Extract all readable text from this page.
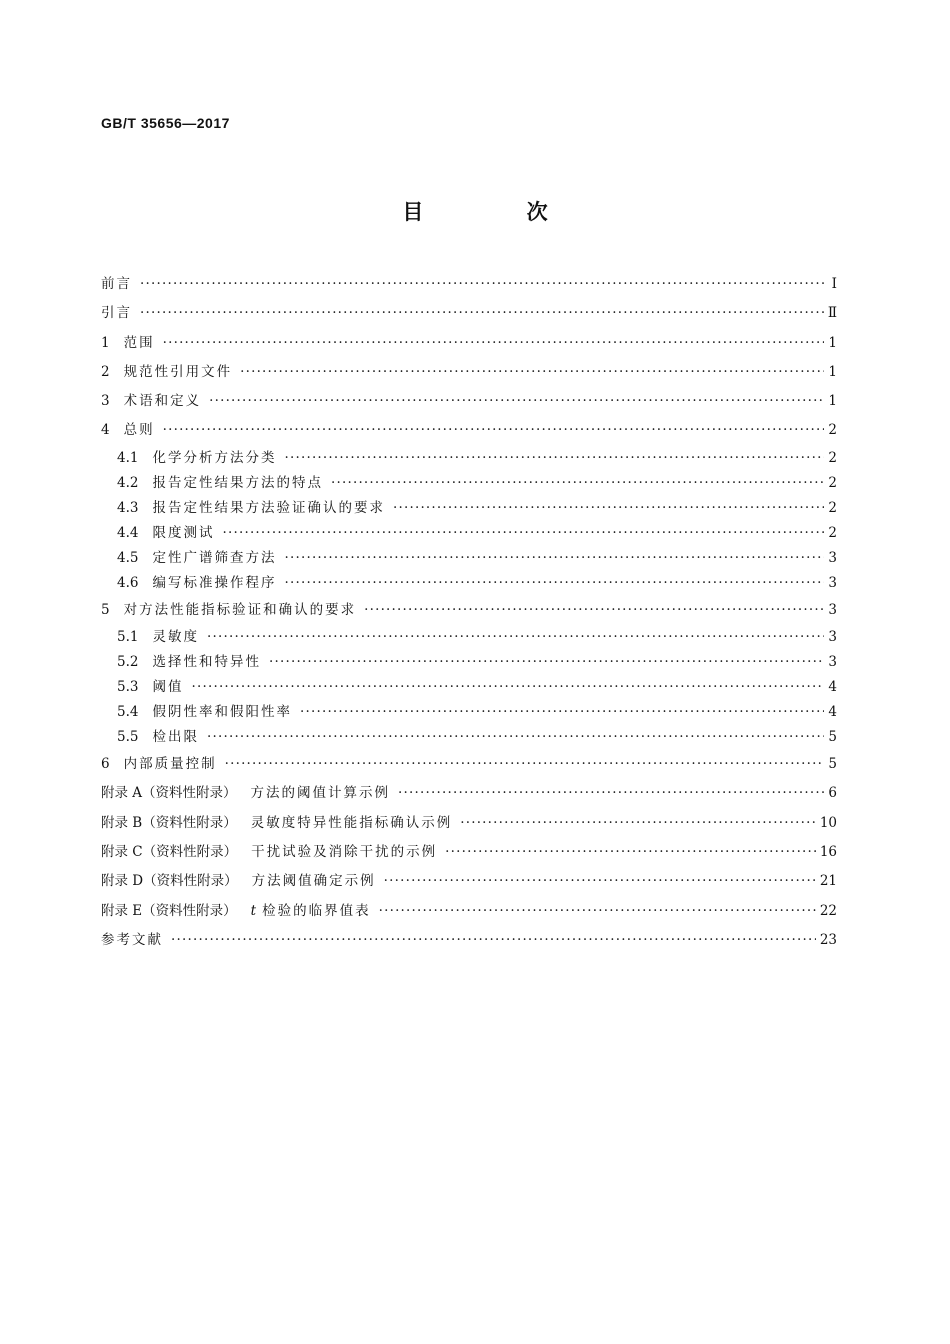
GB/T 35656—2017
目 次
前言 ·····	Ⅰ
引言 ·····	Ⅱ
1 范围 ·····	1
2 规范性引用文件 ·····	1
3 术语和定义 ·····	1
4 总则 ·····	2
4.1 化学分析方法分类 ·····	2
4.2 报告定性结果方法的特点 ·····	2
4.3 报告定性结果方法验证确认的要求 ·····	2
4.4 限度测试 ·····	2
4.5 定性广谱筛查方法 ·····	3
4.6 编写标准操作程序 ·····	3
5 对方法性能指标验证和确认的要求 ·····	3
5.1 灵敏度 ·····	3
5.2 选择性和特异性 ·····	3
5.3 阈值 ·····	4
5.4 假阴性率和假阳性率 ·····	4
5.5 检出限 ·····	5
6 内部质量控制 ·····	5
附录 A（资料性附录） 方法的阈值计算示例 ·····	6
附录 B（资料性附录） 灵敏度特异性能指标确认示例 ·····	10
附录 C（资料性附录） 干扰试验及消除干扰的示例 ·····	16
附录 D（资料性附录） 方法阈值确定示例 ·····	21
附录 E（资料性附录） t 检验的临界值表 ·····	22
参考文献 ·····	23
